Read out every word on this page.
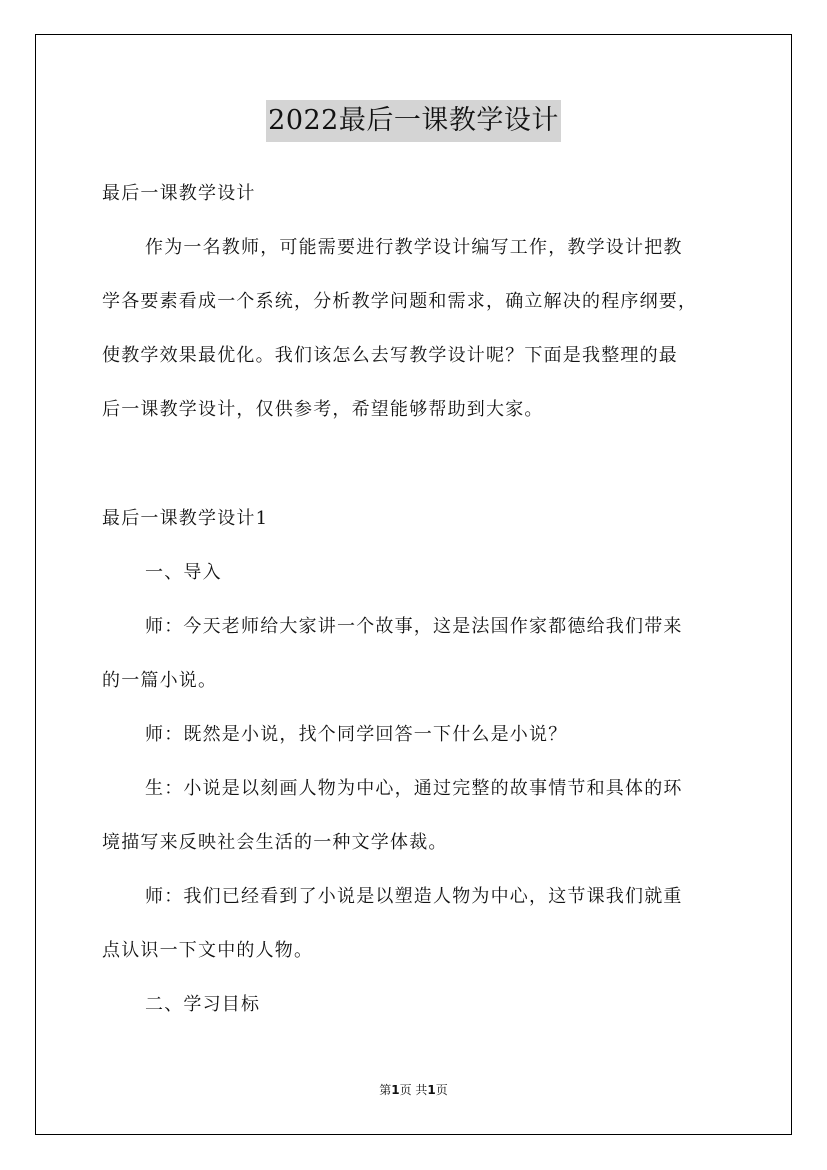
2022最后一课教学设计
最后一课教学设计
作为一名教师，可能需要进行教学设计编写工作，教学设计把教
学各要素看成一个系统，分析教学问题和需求，确立解决的程序纲要，
使教学效果最优化。我们该怎么去写教学设计呢？下面是我整理的最
后一课教学设计，仅供参考，希望能够帮助到大家。
最后一课教学设计1
一、导入
师：今天老师给大家讲一个故事，这是法国作家都德给我们带来
的一篇小说。
师：既然是小说，找个同学回答一下什么是小说？
生：小说是以刻画人物为中心，通过完整的故事情节和具体的环
境描写来反映社会生活的一种文学体裁。
师：我们已经看到了小说是以塑造人物为中心，这节课我们就重
点认识一下文中的人物。
二、学习目标
第1页 共1页
